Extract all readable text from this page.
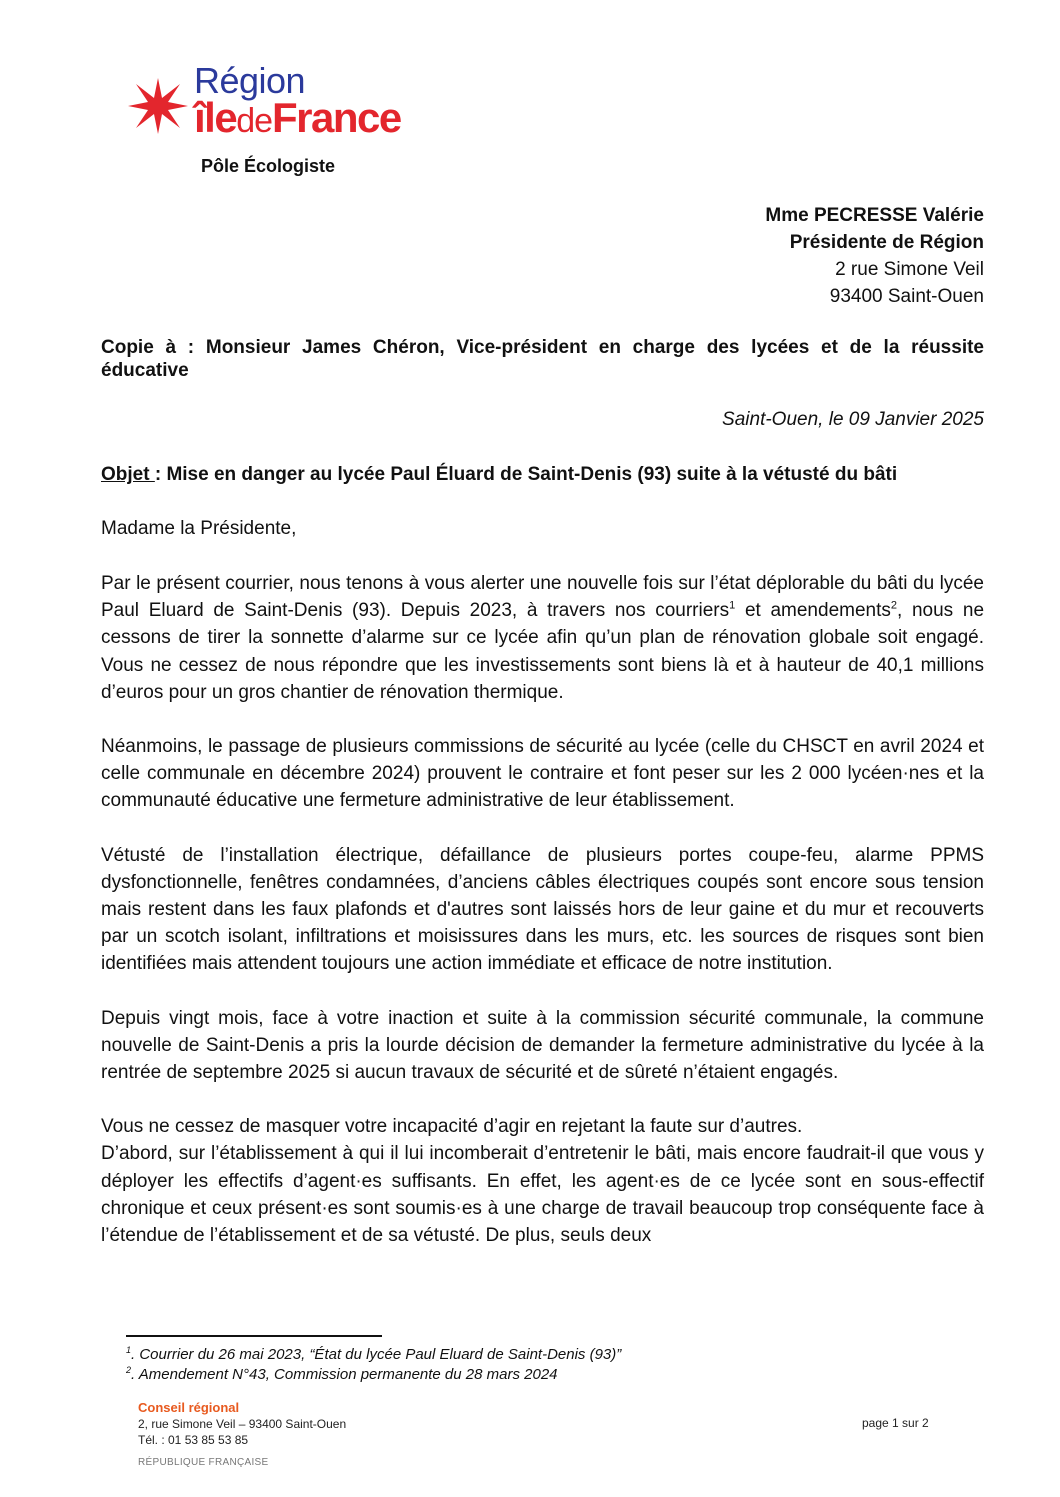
Région
îledeFrance
Pôle Écologiste
Mme PECRESSE Valérie
Présidente de Région
2 rue Simone Veil
93400 Saint-Ouen
Copie à : Monsieur James Chéron, Vice-président en charge des lycées et de la réussite éducative
Saint-Ouen, le 09 Janvier 2025
Objet : Mise en danger au lycée Paul Éluard de Saint-Denis (93) suite à la vétusté du bâti
Madame la Présidente,

Par le présent courrier, nous tenons à vous alerter une nouvelle fois sur l’état déplorable du bâti du lycée Paul Eluard de Saint-Denis (93). Depuis 2023, à travers nos courriers$^1$ et amendements$^2$, nous ne cessons de tirer la sonnette d’alarme sur ce lycée afin qu’un plan de rénovation globale soit engagé. Vous ne cessez de nous répondre que les investissements sont biens là et à hauteur de 40,1 millions d’euros pour un gros chantier de rénovation thermique.

Néanmoins, le passage de plusieurs commissions de sécurité au lycée (celle du CHSCT en avril 2024 et celle communale en décembre 2024) prouvent le contraire et font peser sur les 2 000 lycéen·nes et la communauté éducative une fermeture administrative de leur établissement.

Vétusté de l’installation électrique, défaillance de plusieurs portes coupe-feu, alarme PPMS dysfonctionnelle, fenêtres condamnées, d’anciens câbles électriques coupés sont encore sous tension mais restent dans les faux plafonds et d'autres sont laissés hors de leur gaine et du mur et recouverts par un scotch isolant, infiltrations et moisissures dans les murs, etc. les sources de risques sont bien identifiées mais attendent toujours une action immédiate et efficace de notre institution.

Depuis vingt mois, face à votre inaction et suite à la commission sécurité communale, la commune nouvelle de Saint-Denis a pris la lourde décision de demander la fermeture administrative du lycée à la rentrée de septembre 2025 si aucun travaux de sécurité et de sûreté n’étaient engagés.

Vous ne cessez de masquer votre incapacité d’agir en rejetant la faute sur d’autres.

D’abord, sur l’établissement à qui il lui incomberait d’entretenir le bâti, mais encore faudrait-il que vous y déployer les effectifs d’agent·es suffisants. En effet, les agent·es de ce lycée sont en sous-effectif chronique et ceux présent·es sont soumis·es à une charge de travail beaucoup trop conséquente face à l’étendue de l’établissement et de sa vétusté. De plus, seuls deux

$^1$. Courrier du 26 mai 2023, “État du lycée Paul Eluard de Saint-Denis (93)”
$^2$. Amendement N°43, Commission permanente du 28 mars 2024
Conseil régional
2, rue Simone Veil – 93400 Saint-Ouen
Tél. : 01 53 85 53 85
page 1 sur 2
RÉPUBLIQUE FRANÇAISE
